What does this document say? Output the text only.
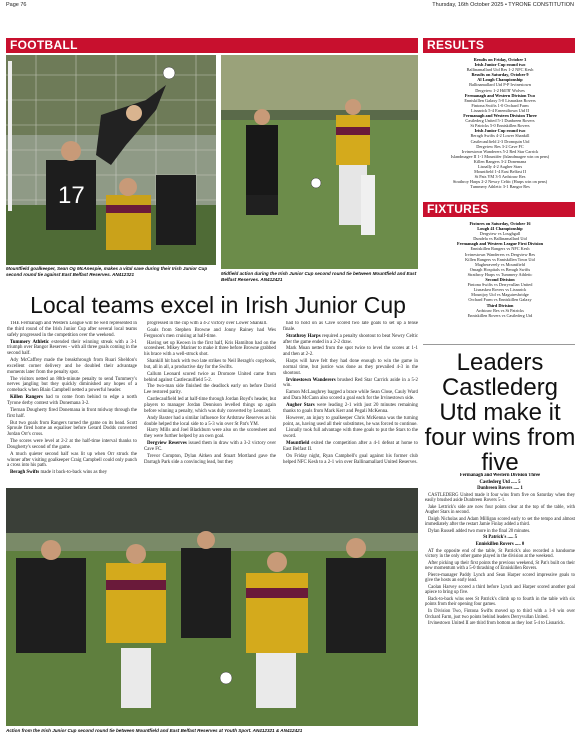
Page 76	Thursday, 16th October 2025 • TYRONE CONSTITUTION
FOOTBALL	RESULTS
17
Mountfield goalkeeper, Sean Og McAnespie, makes a vital save during their Irish Junior Cup second round tie against East Belfast Reserves. AN412321	Midfield action during the Irish Junior Cup second round tie between Mountfield and East Belfast Reserves. AN412421
Local teams excel in Irish Junior Cup

THE Fermanagh and Western League will be well represented in the third round of the Irish Junior Cup after several local teams safely progressed in the competition over the weekend.

Tummery Athletic extended their winning streak with a 3-1 triumph over Bangor Reserves - with all three goals coming in the second half.

Ady McCaffrey made the breakthrough from Ruari Sheldon's excellent corner delivery and he doubled their advantage moments later from the penalty spot.

The visitors netted an 80th-minute penalty to send Tummery's nerves jangling but they quickly diminished any hopes of a comeback when Blain Campbell netted a powerful header.

Killen Rangers had to come from behind to edge a north Tyrone derby contest with Donemana 3-2.

Tiernan Dougherty fired Donemana in front midway through the first half.

But two goals from Rangers turned the game on its head. Scott Sproule fired home an equaliser before Gerard Dodds converted Jordan Orr's cross.

The scores were level at 2-2 at the half-time interval thanks to Dougherty's second of the game.

A much quieter second half was lit up when Orr struck the winner after visiting goalkeeper Craig Campbell could only punch a cross into his path.

Beragh Swifts made it back-to-back wins as they

progressed in the cup with a 4-2 victory over Lower Shankill.

Goals from Stephen Browne and Jonny Rainey had Wes Ferguson's men cruising at half-time.

Having set up Keown in the first half, Kris Hamilton had on the scoresheet. Mikey Mariner to make it three before Browne grabbed his brace with a well-struck shot.

Shankill hit back with two late strikes to Neil Beragh's copybook, but, all in all, a productive day for the Swifts.

Callum Leonard scored twice as Dromore United came from behind against Castlecaulfield 5-2.

The two-man side finished the deadlock early on before David Lee restored parity.

Castlecaulfield led at half-time through Jordan Boyd's header, but players to manager Jordan Dennison levelled things up again before winning a penalty, which was duly converted by Leonard.

Andy Baxter had a similar influence for Ardstraw Reserves as his double helped the local side to a 5-3 win over St Pat's YM.

Harry Mills and Joel Blackburn were also on the scoresheet and they were further helped by an own goal.

Dergview Reserves issued them in draw with a 3-2 victory over Cave FC.

Trevor Compton, Dylan Aitken and Stuart Mortland gave the Darragh Park side a convincing lead, but they

had to hold on as Cave scored two late goals to set up a tense finale.

Strathroy Harps required a penalty shootout to beat Newry Celtic after the game ended in a 2-2 draw.

Mark Moan netted from the spot twice to level the scores at 1-1 and then at 2-2.

Harps will have felt they had done enough to win the game in normal time, but justice was done as they prevailed 4-3 in the shootout.

Irvinestown Wanderers brushed Red Star Carrick aside in a 5-2 win.

Eamon McLaughrey bagged a brace while Sean Close, Cauly Ward and Dara McCann also scored a goal each for the Irvinestown side.

Augher Stars were leading 2-1 with just 20 minutes remaining thanks to goals from Mark Kerr and Pegali McKenna.

However, an injury to goalkeeper Chris McKenna was the turning point, as, having used all their substitutes, he was forced to continue.

Lisnally took full advantage with three goals to put the Stars to the sword.

Mountfield exited the competition after a 4-1 defeat at home to East Belfast II.

On Friday night, Ryan Campbell's goal against his former club helped NFC Kesh to a 2-1 win over Ballinamallard United Reserves.

Action from the Irish Junior Cup second round tie between Mountfield and East Belfast Reserves at Youth Sport. AN412321 & AN412421
Results on Friday, October 3
Irish Junior Cup round two
Ballinamallard Utd Res 1-2 NFC Kesh
Results on Saturday, October 9
Al Lough Championship
Ballinamallard Utd P-P Irvinestown
Dergview 1-2 Hill'B' Wolves
Fermanagh and Western Division Two
Enniskillen Galaxy 5-0 Lisnaskea Rovers
Fintona Swifts 1-0 Orchard Farm
Lisnarick 5-4 Ernemiltown Utd II
Fermanagh and Western Division Three
Castlederg United 5-1 Dunbreen Rovers
St Patricks 5-0 Enniskillen Rovers
Irish Junior Cup round two
Beragh Swifts 4-2 Lower Shankill
Castlecaulfield 2-3 Dromquin Utd
Dergview Res 3-2 Cave FC
Irvinestown Wanderers 5-2 Red Star Carrick
Islandmagee II 1-1 Mountifer (Islandmagee win on pens)
Killen Rangers 3-2 Donemana
Lisnally 4-2 Augher Stars
Mountfield 1-4 East Belfast II
St Pats YM 3-5 Ardstraw Res
Strathroy Harps 2-2 Newry Celtic (Harps win on pens)
Tummery Athletic 3-1 Bangor Res
FIXTURES
Fixtures on Saturday, October 16
Lough 41 Championship
Dergview vs Loughgall
Dundela vs Ballinamallard Utd
Fermanagh and Western League First Division
Enniskillen Rangers vs NFC Kesh
Irvinestown Wanderers vs Dergview Res
Killen Rangers vs Enniskillen Town Utd
Magheraveely vs Mountfield
Omagh Hospitals vs Beragh Swifts
Strathroy Harps vs Tummery Athletic
Second Division
Fintona Swifts vs Derryvullan United
Lisnaskea Rovers vs Lisnarick
Mountjoy Utd vs Maguiresbridge
Orchard Farm vs Enniskillen Galaxy
Third Division
Ardstraw Res vs St Patricks
Enniskillen Rovers vs Castlederg Utd
Leaders Castlederg Utd make it four wins from five

Fermanagh and Western Division Three

Castlederg Utd ..... 5

Dunbreen Rovers ..... 1

CASTLEDERG United made it four wins from five on Saturday when they easily brushed aside Dunbreen Rovers 5-1.

Jake Lettrick's side are now four points clear at the top of the table, with Augher Stars in second.

Daigh Nicholas and Adam Milligan scored early to set the tempo and almost immediately after the restart Jamie Finlay added a third.

Dylan Russell added two more in the final 20 minutes.

St Patrick's ..... 5

Enniskillen Rovers ..... 0

AT the opposite end of the table, St Patrick's also recorded a handsome victory in the only other game played in the division at the weekend.

After picking up their first points the previous weekend, St Pat's built on their new momentum with a 5-0 thrashing of Enniskillen Rovers.

Pierce-manager Paddy Lynch and Sean Harper scored impressive goals to give the hosts an early lead.

Caolan Harvey scored a third before Lynch and Harper scored another goal apiece to bring up five.

Back-to-back wins sees St Patrick's climb up to fourth in the table with six points from their opening four games.

In Division Two, Fintona Swifts moved up to third with a 1-0 win over Orchard Farm, just two points behind leaders Derryvullan United.

Irvinestown United II are third from bottom as they lost 5-4 to Lisnarick.
